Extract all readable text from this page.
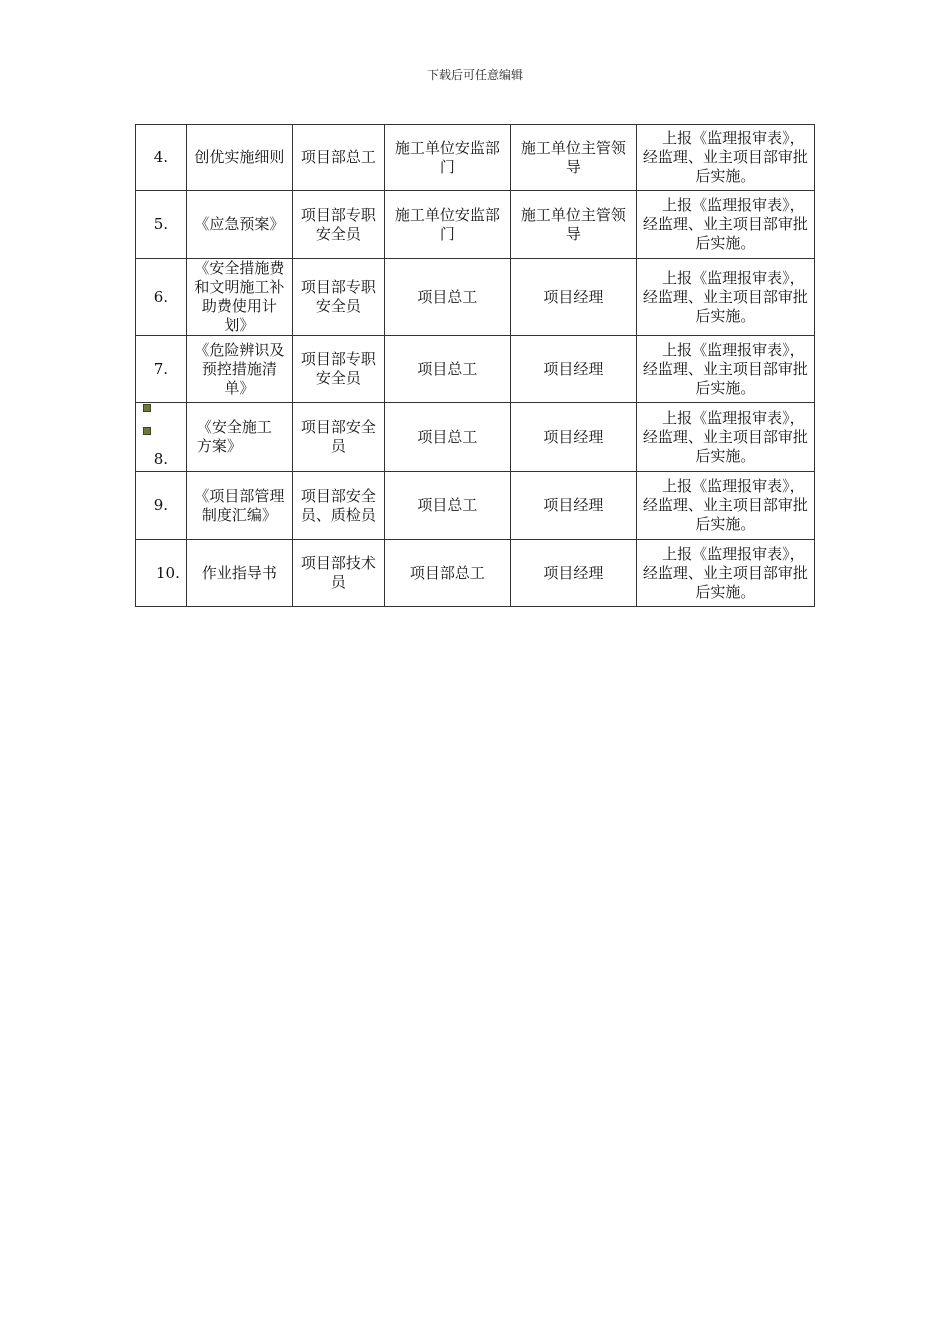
下载后可任意编辑
4.	创优实施细则	项目部总工	施工单位安监部门	施工单位主管领导	上报《监理报审表》，经监理、业主项目部审批后实施。
5.	《应急预案》	项目部专职安全员	施工单位安监部门	施工单位主管领导	上报《监理报审表》，经监理、业主项目部审批后实施。
6.	《安全措施费和文明施工补助费使用计划》	项目部专职安全员	项目总工	项目经理	上报《监理报审表》，经监理、业主项目部审批后实施。
7.	《危险辨识及预控措施清单》	项目部专职安全员	项目总工	项目经理	上报《监理报审表》，经监理、业主项目部审批后实施。

8.	《安全施工方案》	项目部安全员	项目总工	项目经理	上报《监理报审表》，经监理、业主项目部审批后实施。
9.	《项目部管理制度汇编》	项目部安全员、质检员	项目总工	项目经理	上报《监理报审表》，经监理、业主项目部审批后实施。
10.	作业指导书	项目部技术员	项目部总工	项目经理	上报《监理报审表》，经监理、业主项目部审批后实施。
